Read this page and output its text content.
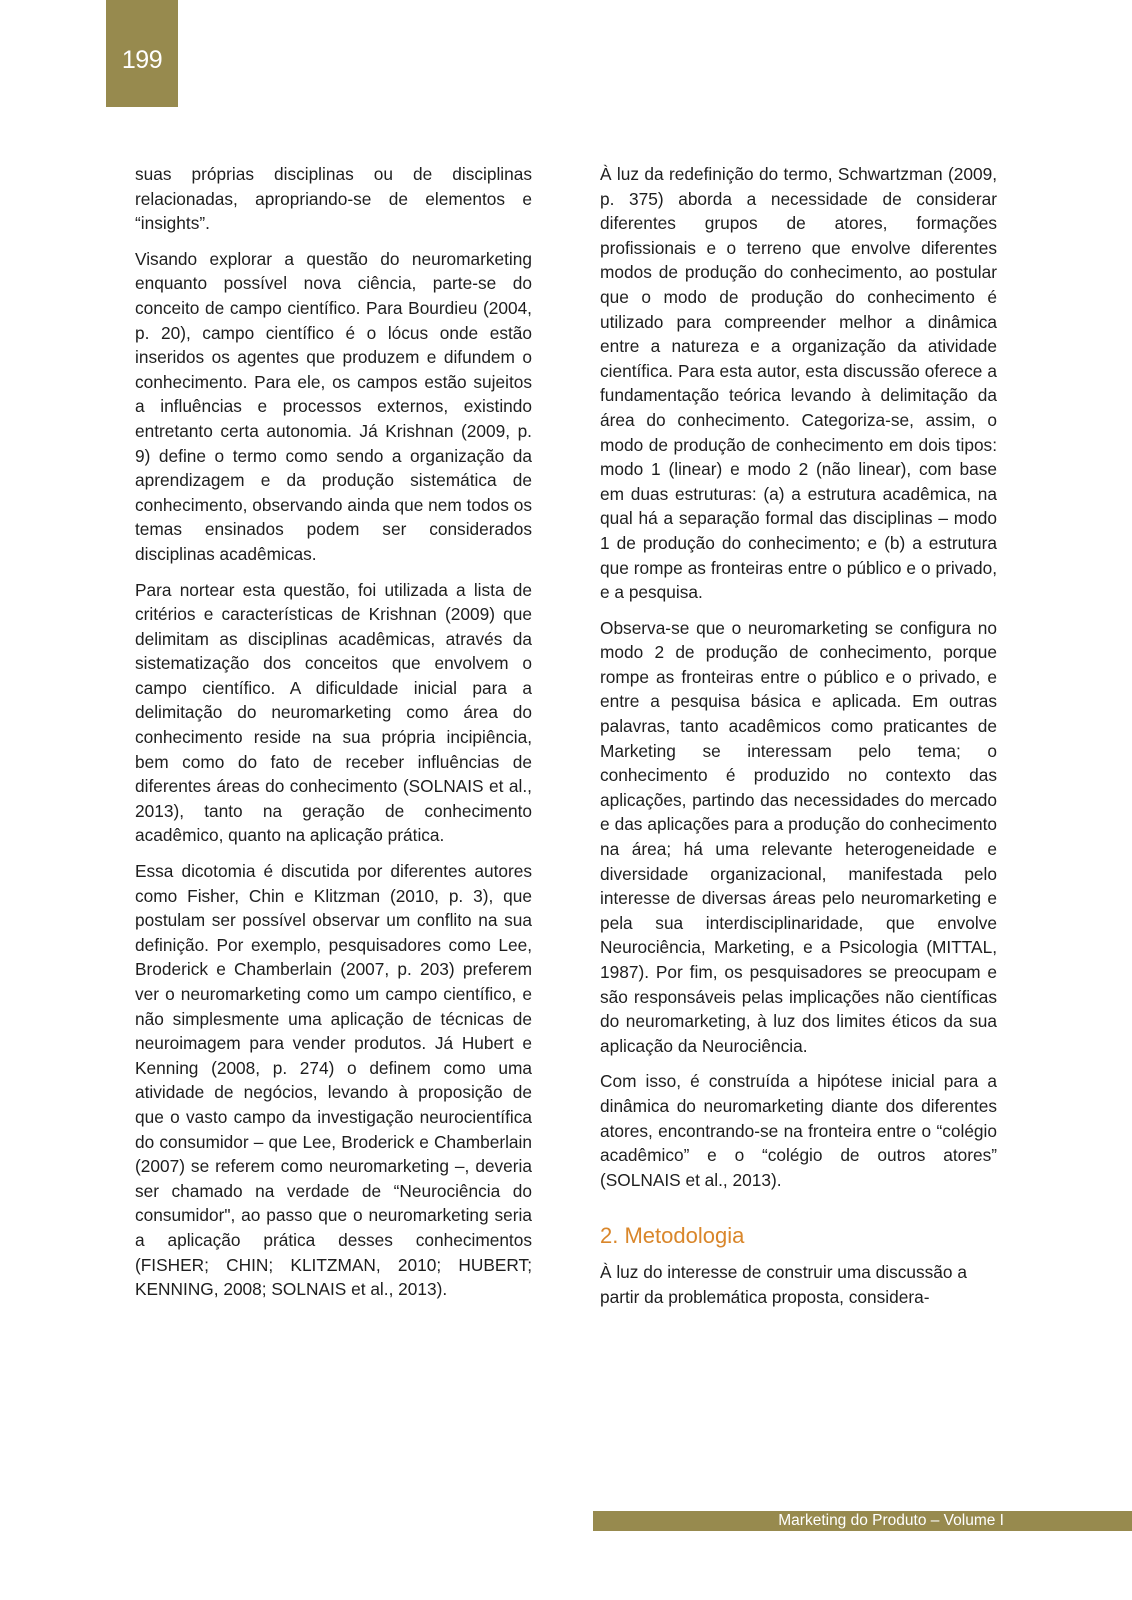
199

suas próprias disciplinas ou de disciplinas relacionadas, apropriando-se de elementos e “insights”.

Visando explorar a questão do neuromarketing enquanto possível nova ciência, parte-se do conceito de campo científico. Para Bourdieu (2004, p. 20), campo científico é o lócus onde estão inseridos os agentes que produzem e difundem o conhecimento. Para ele, os campos estão sujeitos a influências e processos externos, existindo entretanto certa autonomia. Já Krishnan (2009, p. 9) define o termo como sendo a organização da aprendizagem e da produção sistemática de conhecimento, observando ainda que nem todos os temas ensinados podem ser considerados disciplinas acadêmicas.

Para nortear esta questão, foi utilizada a lista de critérios e características de Krishnan (2009) que delimitam as disciplinas acadêmicas, através da sistematização dos conceitos que envolvem o campo científico. A dificuldade inicial para a delimitação do neuromarketing como área do conhecimento reside na sua própria incipiência, bem como do fato de receber influências de diferentes áreas do conhecimento (SOLNAIS et al., 2013), tanto na geração de conhecimento acadêmico, quanto na aplicação prática.

Essa dicotomia é discutida por diferentes autores como Fisher, Chin e Klitzman (2010, p. 3), que postulam ser possível observar um conflito na sua definição. Por exemplo, pesquisadores como Lee, Broderick e Chamberlain (2007, p. 203) preferem ver o neuromarketing como um campo científico, e não simplesmente uma aplicação de técnicas de neuroimagem para vender produtos. Já Hubert e Kenning (2008, p. 274) o definem como uma atividade de negócios, levando à proposição de que o vasto campo da investigação neurocientífica do consumidor – que Lee, Broderick e Chamberlain (2007) se referem como neuromarketing –, deveria ser chamado na verdade de “Neurociência do consumidor", ao passo que o neuromarketing seria a aplicação prática desses conhecimentos (FISHER; CHIN; KLITZMAN, 2010; HUBERT; KENNING, 2008; SOLNAIS et al., 2013).

À luz da redefinição do termo, Schwartzman (2009, p. 375) aborda a necessidade de considerar diferentes grupos de atores, formações profissionais e o terreno que envolve diferentes modos de produção do conhecimento, ao postular que o modo de produção do conhecimento é utilizado para compreender melhor a dinâmica entre a natureza e a organização da atividade científica. Para esta autor, esta discussão oferece a fundamentação teórica levando à delimitação da área do conhecimento. Categoriza-se, assim, o modo de produção de conhecimento em dois tipos: modo 1 (linear) e modo 2 (não linear), com base em duas estruturas: (a) a estrutura acadêmica, na qual há a separação formal das disciplinas – modo 1 de produção do conhecimento; e (b) a estrutura que rompe as fronteiras entre o público e o privado, e a pesquisa.

Observa-se que o neuromarketing se configura no modo 2 de produção de conhecimento, porque rompe as fronteiras entre o público e o privado, e entre a pesquisa básica e aplicada. Em outras palavras, tanto acadêmicos como praticantes de Marketing se interessam pelo tema; o conhecimento é produzido no contexto das aplicações, partindo das necessidades do mercado e das aplicações para a produção do conhecimento na área; há uma relevante heterogeneidade e diversidade organizacional, manifestada pelo interesse de diversas áreas pelo neuromarketing e pela sua interdisciplinaridade, que envolve Neurociência, Marketing, e a Psicologia (MITTAL, 1987). Por fim, os pesquisadores se preocupam e são responsáveis pelas implicações não científicas do neuromarketing, à luz dos limites éticos da sua aplicação da Neurociência.

Com isso, é construída a hipótese inicial para a dinâmica do neuromarketing diante dos diferentes atores, encontrando-se na fronteira entre o “colégio acadêmico” e o “colégio de outros atores” (SOLNAIS et al., 2013).

2. Metodologia

À luz do interesse de construir uma discussão a partir da problemática proposta, considera-

Marketing do Produto – Volume I
